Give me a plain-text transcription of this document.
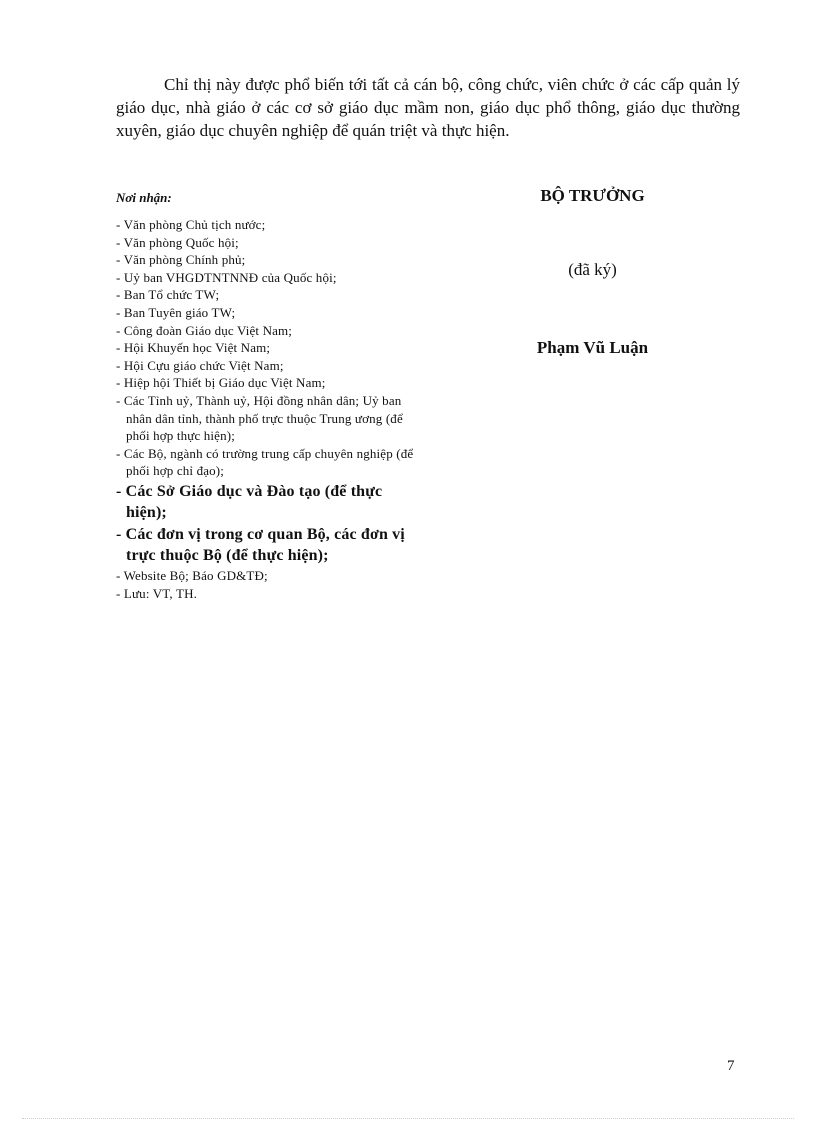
Chỉ thị này được phổ biến tới tất cả cán bộ, công chức, viên chức ở các cấp quản lý giáo dục, nhà giáo ở các cơ sở giáo dục mầm non, giáo dục phổ thông, giáo dục thường xuyên, giáo dục chuyên nghiệp để quán triệt và thực hiện.

Nơi nhận:

- Văn phòng Chủ tịch nước;
- Văn phòng Quốc hội;
- Văn phòng Chính phủ;
- Uỷ ban VHGDTNTNNĐ của Quốc hội;
- Ban Tổ chức TW;
- Ban Tuyên giáo TW;
- Công đoàn Giáo dục Việt Nam;
- Hội Khuyến học Việt Nam;
- Hội Cựu giáo chức Việt Nam;
- Hiệp hội Thiết bị Giáo dục Việt Nam;
- Các Tỉnh uỷ, Thành uỷ, Hội đồng nhân dân; Uỷ ban nhân dân tỉnh, thành phố trực thuộc Trung ương (để phối hợp thực hiện);
- Các Bộ, ngành có trường trung cấp chuyên nghiệp (để phối hợp chỉ đạo);
- Các Sở Giáo dục và Đào tạo (để thực hiện);
- Các đơn vị trong cơ quan Bộ, các đơn vị trực thuộc Bộ (để thực hiện);
- Website Bộ; Báo GD&TĐ;
- Lưu: VT, TH.

BỘ TRƯỞNG

(đã ký)

Phạm Vũ Luận

7
